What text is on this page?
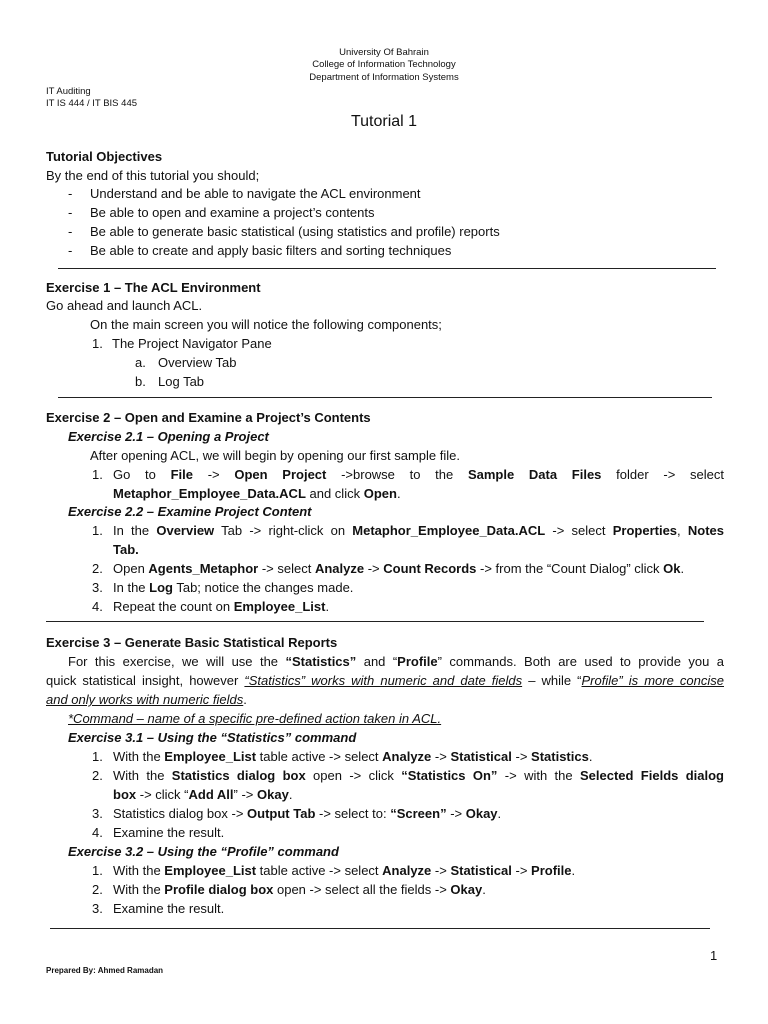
University Of Bahrain
College of Information Technology
Department of Information Systems
IT Auditing
IT IS 444 / IT BIS 445
Tutorial 1
Tutorial Objectives
By the end of this tutorial you should;
- Understand and be able to navigate the ACL environment
- Be able to open and examine a project’s contents
- Be able to generate basic statistical (using statistics and profile) reports
- Be able to create and apply basic filters and sorting techniques
Exercise 1 – The ACL Environment
Go ahead and launch ACL.
On the main screen you will notice the following components;
1. The Project Navigator Pane
a. Overview Tab
b. Log Tab
Exercise 2 – Open and Examine a Project’s Contents
Exercise 2.1 – Opening a Project
After opening ACL, we will begin by opening our first sample file.
1. Go to File -> Open Project ->browse to the Sample Data Files folder -> select
Metaphor_Employee_Data.ACL and click Open.
Exercise 2.2 – Examine Project Content
1. In the Overview Tab -> right-click on Metaphor_Employee_Data.ACL -> select Properties, Notes
Tab.
2. Open Agents_Metaphor -> select Analyze -> Count Records -> from the “Count Dialog” click Ok.
3. In the Log Tab; notice the changes made.
4. Repeat the count on Employee_List.
Exercise 3 – Generate Basic Statistical Reports
For this exercise, we will use the “Statistics” and “Profile” commands. Both are used to provide you a
quick statistical insight, however “Statistics” works with numeric and date fields – while “Profile” is more concise
and only works with numeric fields.
*Command – name of a specific pre-defined action taken in ACL.
Exercise 3.1 – Using the “Statistics” command
1. With the Employee_List table active -> select Analyze -> Statistical -> Statistics.
2. With the Statistics dialog box open -> click “Statistics On” -> with the Selected Fields dialog
box -> click “Add All” -> Okay.
3. Statistics dialog box -> Output Tab -> select to: “Screen” -> Okay.
4. Examine the result.
Exercise 3.2 – Using the “Profile” command
1. With the Employee_List table active -> select Analyze -> Statistical -> Profile.
2. With the Profile dialog box open -> select all the fields -> Okay.
3. Examine the result.
1
Prepared By: Ahmed Ramadan
